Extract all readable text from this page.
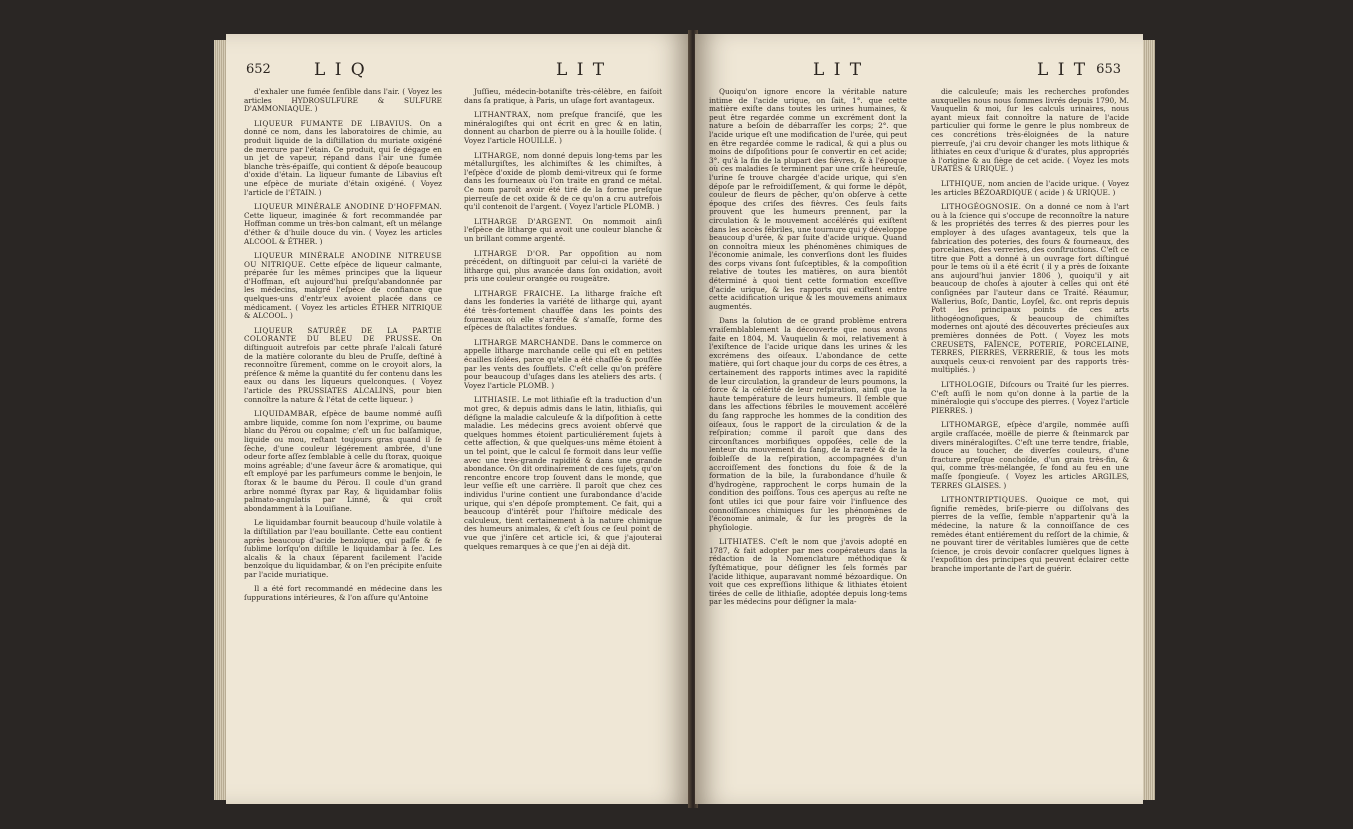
652	L I Q	L I T

d'exhaler une fumée ſenſible dans l'air. ( Voyez les articles HYDROSULFURE & SULFURE D'AMMONIAQUE. )

LIQUEUR FUMANTE DE LIBAVIUS. On a donné ce nom, dans les laboratoires de chimie, au produit liquide de la diſtillation du muriate oxigéné de mercure par l'étain. Ce produit, qui ſe dégage en un jet de vapeur, répand dans l'air une fumée blanche très-épaiſſe, qui contient & dépoſe beaucoup d'oxide d'étain. La liqueur fumante de Libavius eſt une eſpèce de muriate d'étain oxigéné. ( Voyez l'article de l'ÉTAIN. )

LIQUEUR MINÉRALE ANODINE D'HOFFMAN. Cette liqueur, imaginée & fort recommandée par Hoffman comme un très-bon calmant, eſt un mélange d'éther & d'huile douce du vin. ( Voyez les articles ALCOOL & ÉTHER. )

LIQUEUR MINÉRALE ANODINE NITREUSE OU NITRIQUE. Cette eſpèce de liqueur calmante, préparée ſur les mêmes principes que la liqueur d'Hoffman, eſt aujourd'hui preſqu'abandonnée par les médecins, malgré l'eſpèce de confiance que quelques-uns d'entr'eux avoient placée dans ce médicament. ( Voyez les articles ÉTHER NITRIQUE & ALCOOL. )

LIQUEUR SATURÉE DE LA PARTIE COLORANTE DU BLEU DE PRUSSE. On diſtinguoit autrefois par cette phraſe l'alcali ſaturé de la matière colorante du bleu de Pruſſe, deſtiné à reconnoître ſûrement, comme on le croyoit alors, la préſence & même la quantité du fer contenu dans les eaux ou dans les liqueurs quelconques. ( Voyez l'article des PRUSSIATES ALCALINS, pour bien connoître la nature & l'état de cette liqueur. )

LIQUIDAMBAR, eſpèce de baume nommé auſſi ambre liquide, comme ſon nom l'exprime, ou baume blanc du Pérou ou copalme; c'eſt un ſuc balſamique, liquide ou mou, reſtant toujours gras quand il ſe ſèche, d'une couleur légérement ambrée, d'une odeur forte aſſez ſemblable à celle du ſtorax, quoique moins agréable; d'une ſaveur âcre & aromatique, qui eſt employé par les parfumeurs comme le benjoin, le ſtorax & le baume du Pérou. Il coule d'un grand arbre nommé ſtyrax par Ray, & liquidambar foliis palmato-angulatis par Linné, & qui croît abondamment à la Louiſiane.

Le liquidambar fournit beaucoup d'huile volatile à la diſtillation par l'eau bouillante. Cette eau contient après beaucoup d'acide benzoïque, qui paſſe & ſe ſublime lorſqu'on diſtille le liquidambar à ſec. Les alcalis & la chaux ſéparent facilement l'acide benzoïque du liquidambar, & on l'en précipite enſuite par l'acide muriatique.

Il a été fort recommandé en médecine dans les ſuppurations intérieures, & l'on aſſure qu'Antoine

Juſſieu, médecin-botaniſte très-célèbre, en faiſoit dans ſa pratique, à Paris, un uſage fort avantageux.

LITHANTRAX, nom preſque franciſé, que les minéralogiſtes qui ont écrit en grec & en latin, donnent au charbon de pierre ou à la houille ſolide. ( Voyez l'article HOUILLE. )

LITHARGE, nom donné depuis long-tems par les métallurgiſtes, les alchimiſtes & les chimiſtes, à l'eſpèce d'oxide de plomb demi-vitreux qui ſe forme dans les fourneaux où l'on traite en grand ce métal. Ce nom paroît avoir été tiré de la forme preſque pierreuſe de cet oxide & de ce qu'on a cru autrefois qu'il contenoit de l'argent. ( Voyez l'article PLOMB. )

LITHARGE D'ARGENT. On nommoit ainſi l'eſpèce de litharge qui avoit une couleur blanche & un brillant comme argenté.

LITHARGE D'OR. Par oppoſition au nom précédent, on diſtinguoit par celui-ci la variété de litharge qui, plus avancée dans ſon oxidation, avoit pris une couleur orangée ou rougeâtre.

LITHARGE FRAICHE. La litharge fraîche eſt dans les fonderies la variété de litharge qui, ayant été très-fortement chauffée dans les points des fourneaux où elle s'arrête & s'amaſſe, forme des eſpèces de ſtalactites fondues.

LITHARGE MARCHANDE. Dans le commerce on appelle litharge marchande celle qui eſt en petites écailles iſolées, parce qu'elle a été chaſſée & pouſſée par les vents des ſoufflets. C'eſt celle qu'on préfère pour beaucoup d'uſages dans les ateliers des arts. ( Voyez l'article PLOMB. )

LITHIASIE. Le mot lithiaſie eſt la traduction d'un mot grec, & depuis admis dans le latin, lithiaſis, qui déſigne la maladie calculeuſe & la diſpoſition à cette maladie. Les médecins grecs avoient obſervé que quelques hommes étoient particuliérement ſujets à cette affection, & que quelques-uns même étoient à un tel point, que le calcul ſe formoit dans leur veſſie avec une très-grande rapidité & dans une grande abondance. On dit ordinairement de ces ſujets, qu'on rencontre encore trop ſouvent dans le monde, que leur veſſie eſt une carrière. Il paroît que chez ces individus l'urine contient une ſurabondance d'acide urique, qui s'en dépoſe promptement. Ce fait, qui a beaucoup d'intérêt pour l'hiſtoire médicale des calculeux, tient certainement à la nature chimique des humeurs animales, & c'eſt ſous ce ſeul point de vue que j'inſère cet article ici, & que j'ajouterai quelques remarques à ce que j'en ai déjà dit.

L I T	L I T 653

Quoiqu'on ignore encore la véritable nature intime de l'acide urique, on ſait, 1°. que cette matière exiſte dans toutes les urines humaines, & peut être regardée comme un excrément dont la nature a beſoin de débarraſſer les corps; 2°. que l'acide urique eſt une modification de l'urée, qui peut en être regardée comme le radical, & qui a plus ou moins de diſpoſitions pour ſe convertir en cet acide; 3°. qu'à la fin de la plupart des fièvres, & à l'époque où ces maladies ſe terminent par une criſe heureuſe, l'urine ſe trouve chargée d'acide urique, qui s'en dépoſe par le refroidiſſement, & qui forme le dépôt, couleur de fleurs de pêcher, qu'on obſerve à cette époque des criſes des fièvres. Ces ſeuls faits prouvent que les humeurs prennent, par la circulation & le mouvement accélérés qui exiſtent dans les accès fébriles, une tournure qui y développe beaucoup d'urée, & par ſuite d'acide urique. Quand on connoîtra mieux les phénomènes chimiques de l'économie animale, les converſions dont les fluides des corps vivans ſont ſuſceptibles, & la compoſition relative de toutes les matières, on aura bientôt déterminé à quoi tient cette formation exceſſive d'acide urique, & les rapports qui exiſtent entre cette acidification urique & les mouvemens animaux augmentés.

Dans la ſolution de ce grand problème entrera vraiſemblablement la découverte que nous avons faite en 1804, M. Vauquelin & moi, relativement à l'exiſtence de l'acide urique dans les urines & les excrémens des oiſeaux. L'abondance de cette matière, qui ſort chaque jour du corps de ces êtres, a certainement des rapports intimes avec la rapidité de leur circulation, la grandeur de leurs poumons, la force & la célérité de leur reſpiration, ainſi que la haute température de leurs humeurs. Il ſemble que dans les affections fébriles le mouvement accéléré du ſang rapproche les hommes de la condition des oiſeaux, ſous le rapport de la circulation & de la reſpiration; comme il paroît que dans des circonſtances morbifiques oppoſées, celle de la lenteur du mouvement du ſang, de la rareté & de la foibleſſe de la reſpiration, accompagnées d'un accroiſſement des fonctions du foie & de la formation de la bile, la ſurabondance d'huile & d'hydrogène, rapprochent le corps humain de la condition des poiſſons. Tous ces aperçus au reſte ne ſont utiles ici que pour faire voir l'influence des connoiſſances chimiques ſur les phénomènes de l'économie animale, & ſur les progrès de la phyſiologie.

LITHIATES. C'eſt le nom que j'avois adopté en 1787, & fait adopter par mes coopérateurs dans la rédaction de la Nomenclature méthodique & ſyſtématique, pour déſigner les ſels formés par l'acide lithique, auparavant nommé bézoardique. On voit que ces expreſſions lithique & lithiates étoient tirées de celle de lithiaſie, adoptée depuis long-tems par les médecins pour déſigner la mala-

die calculeuſe; mais les recherches profondes auxquelles nous nous ſommes livrés depuis 1790, M. Vauquelin & moi, ſur les calculs urinaires, nous ayant mieux fait connoître la nature de l'acide particulier qui forme le genre le plus nombreux de ces concrétions très-éloignées de la nature pierreuſe, j'ai cru devoir changer les mots lithique & lithiates en ceux d'urique & d'urates, plus appropriés à l'origine & au ſiège de cet acide. ( Voyez les mots URATES & URIQUE. )

LITHIQUE, nom ancien de l'acide urique. ( Voyez les articles BÉZOARDIQUE ( acide ) & URIQUE. )

LITHOGÉOGNOSIE. On a donné ce nom à l'art ou à la ſcience qui s'occupe de reconnoître la nature & les propriétés des terres & des pierres pour les employer à des uſages avantageux, tels que la fabrication des poteries, des fours & fourneaux, des porcelaines, des verreries, des conſtructions. C'eſt ce titre que Pott a donné à un ouvrage fort diſtingué pour le tems où il a été écrit ( il y a près de ſoixante ans aujourd'hui janvier 1806 ), quoiqu'il y ait beaucoup de choſes à ajouter à celles qui ont été conſignées par l'auteur dans ce Traité. Réaumur, Wallerius, Boſc, Dantic, Loyſel, &c. ont repris depuis Pott les principaux points de ces arts lithogéognoſiques, & beaucoup de chimiſtes modernes ont ajouté des découvertes précieuſes aux premières données de Pott. ( Voyez les mots CREUSETS, FAÏENCE, POTERIE, PORCELAINE, TERRES, PIERRES, VERRERIE, & tous les mots auxquels ceux-ci renvoient par des rapports très-multipliés. )

LITHOLOGIE, Diſcours ou Traité ſur les pierres. C'eſt auſſi le nom qu'on donne à la partie de la minéralogie qui s'occupe des pierres. ( Voyez l'article PIERRES. )

LITHOMARGE, eſpèce d'argile, nommée auſſi argile craſſacée, moëlle de pierre & ſteinmarck par divers minéralogiſtes. C'eſt une terre tendre, friable, douce au toucher, de diverſes couleurs, d'une fracture preſque conchoïde, d'un grain très-fin, & qui, comme très-mélangée, ſe fond au feu en une maſſe ſpongieuſe. ( Voyez les articles ARGILES, TERRES GLAISES. )

LITHONTRIPTIQUES. Quoique ce mot, qui ſignifie remèdes, briſe-pierre ou diſſolvans des pierres de la veſſie, ſemble n'appartenir qu'à la médecine, la nature & la connoiſſance de ces remèdes étant entiérement du reſſort de la chimie, & ne pouvant tirer de véritables lumières que de cette ſcience, je crois devoir conſacrer quelques lignes à l'expoſition des principes qui peuvent éclairer cette branche importante de l'art de guérir.
